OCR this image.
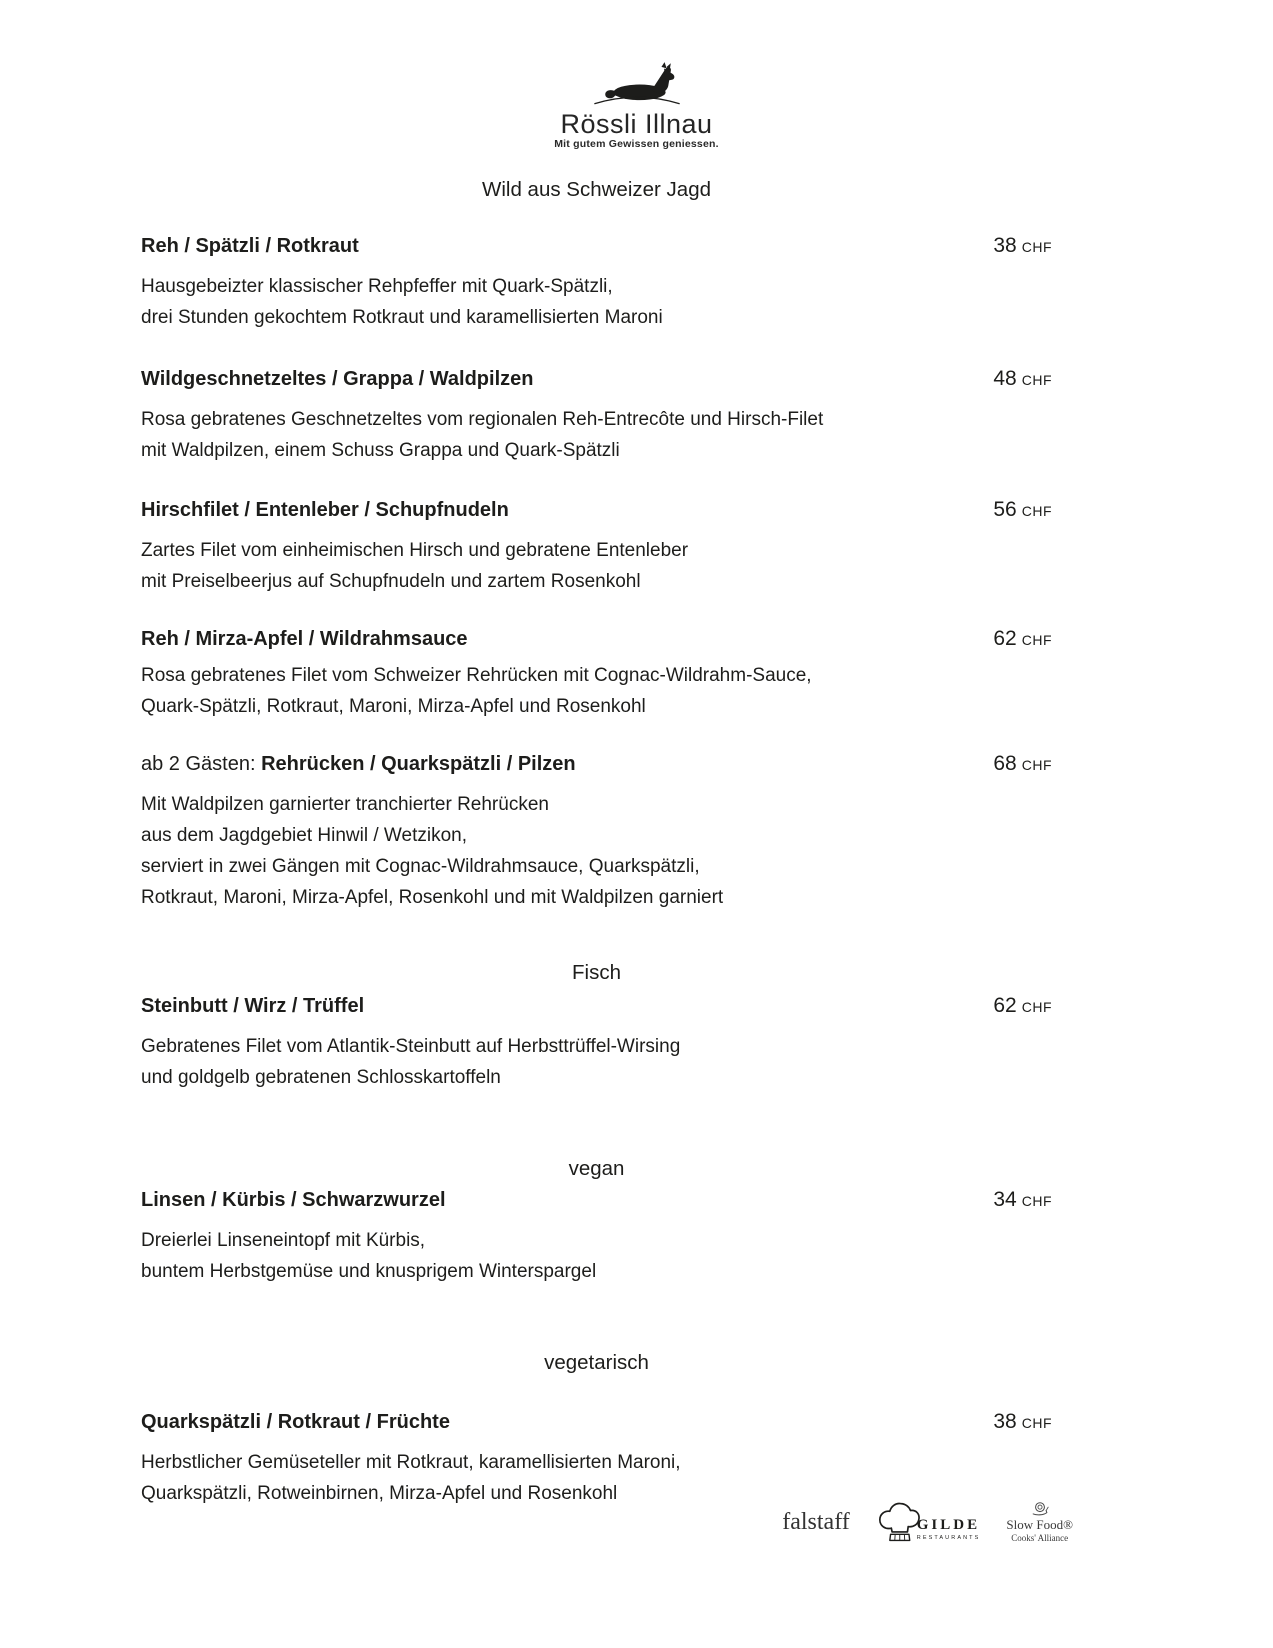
Rössli Illnau
Mit gutem Gewissen geniessen.
Wild aus Schweizer Jagd
Reh / Spätzli / Rotkraut	38 CHF
Hausgebeizter klassischer Rehpfeffer mit Quark-Spätzli,
drei Stunden gekochtem Rotkraut und karamellisierten Maroni
Wildgeschnetzeltes / Grappa / Waldpilzen	48 CHF
Rosa gebratenes Geschnetzeltes vom regionalen Reh-Entrecôte und Hirsch-Filet
mit Waldpilzen, einem Schuss Grappa und Quark-Spätzli
Hirschfilet / Entenleber / Schupfnudeln	56 CHF
Zartes Filet vom einheimischen Hirsch und gebratene Entenleber
mit Preiselbeerjus auf Schupfnudeln und zartem Rosenkohl
Reh / Mirza-Apfel / Wildrahmsauce	62 CHF
Rosa gebratenes Filet vom Schweizer Rehrücken mit Cognac-Wildrahm-Sauce,
Quark-Spätzli, Rotkraut, Maroni, Mirza-Apfel und Rosenkohl
ab 2 Gästen: Rehrücken / Quarkspätzli / Pilzen	68 CHF
Mit Waldpilzen garnierter tranchierter Rehrücken
aus dem Jagdgebiet Hinwil / Wetzikon,
serviert in zwei Gängen mit Cognac-Wildrahmsauce, Quarkspätzli,
Rotkraut, Maroni, Mirza-Apfel, Rosenkohl und mit Waldpilzen garniert
Fisch
Steinbutt / Wirz / Trüffel	62 CHF
Gebratenes Filet vom Atlantik-Steinbutt auf Herbsttrüffel-Wirsing
und goldgelb gebratenen Schlosskartoffeln
vegan
Linsen / Kürbis / Schwarzwurzel	34 CHF
Dreierlei Linseneintopf mit Kürbis,
buntem Herbstgemüse und knusprigem Winterspargel
vegetarisch
Quarkspätzli / Rotkraut / Früchte	38 CHF
Herbstlicher Gemüseteller mit Rotkraut, karamellisierten Maroni,
Quarkspätzli, Rotweinbirnen, Mirza-Apfel und Rosenkohl
falstaff	GILDE
RESTAURANTS
Slow Food®
Cooks' Alliance
